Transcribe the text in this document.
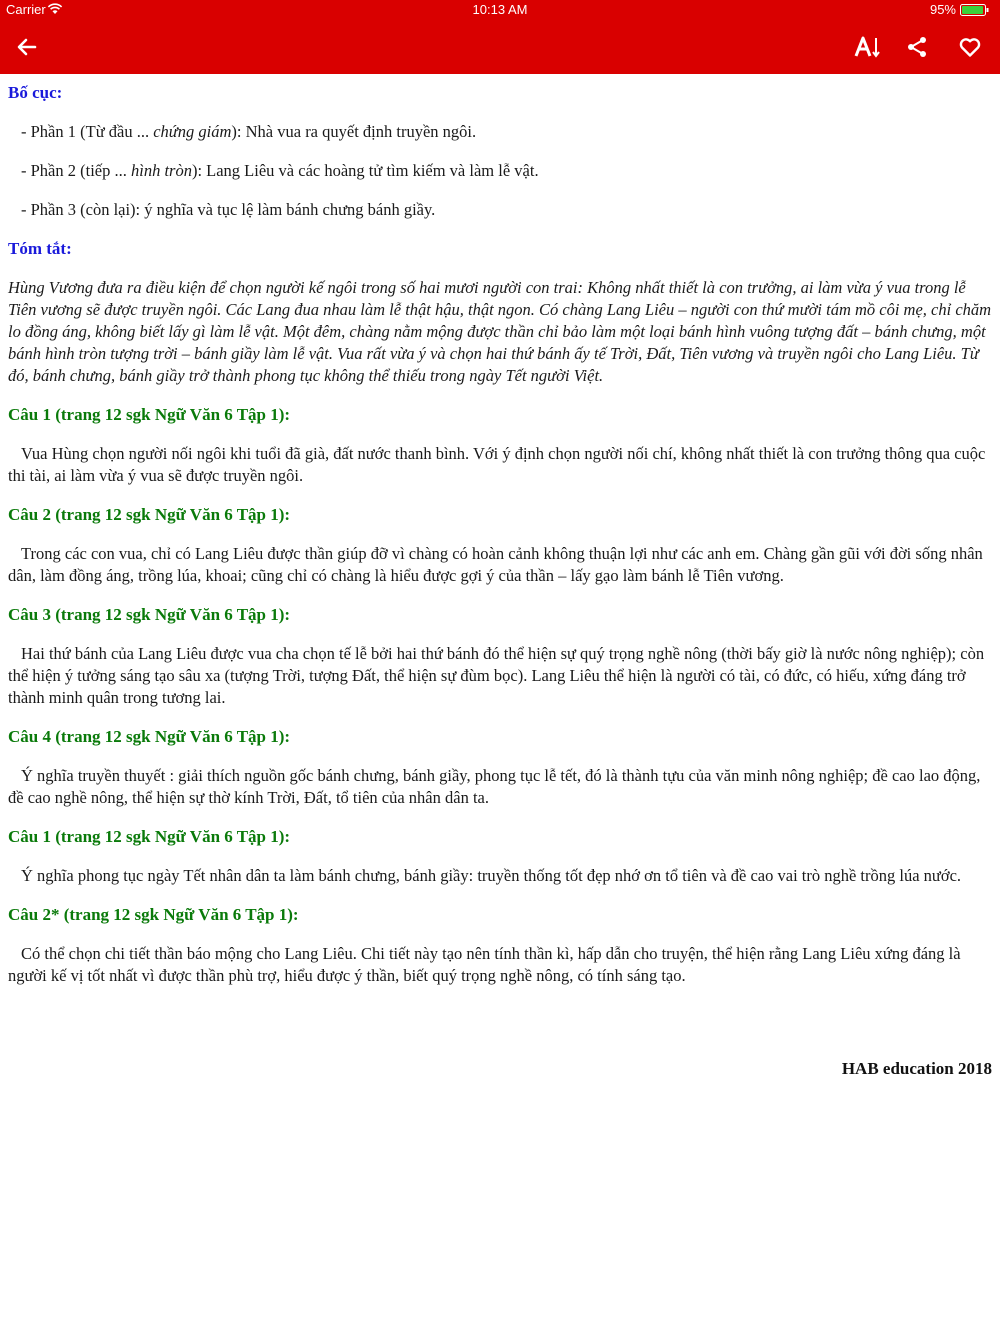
Carrier	10:13 AM	95%
Bố cục:

- Phần 1 (Từ đầu ... chứng giám): Nhà vua ra quyết định truyền ngôi.

- Phần 2 (tiếp ... hình tròn): Lang Liêu và các hoàng tử tìm kiếm và làm lễ vật.

- Phần 3 (còn lại): ý nghĩa và tục lệ làm bánh chưng bánh giầy.

Tóm tắt:

Hùng Vương đưa ra điều kiện để chọn người kế ngôi trong số hai mươi người con trai: Không nhất thiết là con trưởng, ai làm vừa ý vua trong lễ Tiên vương sẽ được truyền ngôi. Các Lang đua nhau làm lễ thật hậu, thật ngon. Có chàng Lang Liêu – người con thứ mười tám mồ côi mẹ, chỉ chăm lo đồng áng, không biết lấy gì làm lễ vật. Một đêm, chàng nằm mộng được thần chỉ bảo làm một loại bánh hình vuông tượng đất – bánh chưng, một bánh hình tròn tượng trời – bánh giầy làm lễ vật. Vua rất vừa ý và chọn hai thứ bánh ấy tế Trời, Đất, Tiên vương và truyền ngôi cho Lang Liêu. Từ đó, bánh chưng, bánh giầy trở thành phong tục không thể thiếu trong ngày Tết người Việt.

Câu 1 (trang 12 sgk Ngữ Văn 6 Tập 1):

Vua Hùng chọn người nối ngôi khi tuổi đã già, đất nước thanh bình. Với ý định chọn người nối chí, không nhất thiết là con trưởng thông qua cuộc thi tài, ai làm vừa ý vua sẽ được truyền ngôi.

Câu 2 (trang 12 sgk Ngữ Văn 6 Tập 1):

Trong các con vua, chỉ có Lang Liêu được thần giúp đỡ vì chàng có hoàn cảnh không thuận lợi như các anh em. Chàng gần gũi với đời sống nhân dân, làm đồng áng, trồng lúa, khoai; cũng chỉ có chàng là hiểu được gợi ý của thần – lấy gạo làm bánh lễ Tiên vương.

Câu 3 (trang 12 sgk Ngữ Văn 6 Tập 1):

Hai thứ bánh của Lang Liêu được vua cha chọn tế lễ bởi hai thứ bánh đó thể hiện sự quý trọng nghề nông (thời bấy giờ là nước nông nghiệp); còn thể hiện ý tưởng sáng tạo sâu xa (tượng Trời, tượng Đất, thể hiện sự đùm bọc). Lang Liêu thể hiện là người có tài, có đức, có hiếu, xứng đáng trở thành minh quân trong tương lai.

Câu 4 (trang 12 sgk Ngữ Văn 6 Tập 1):

Ý nghĩa truyền thuyết : giải thích nguồn gốc bánh chưng, bánh giầy, phong tục lễ tết, đó là thành tựu của văn minh nông nghiệp; đề cao lao động, đề cao nghề nông, thể hiện sự thờ kính Trời, Đất, tổ tiên của nhân dân ta.

Câu 1 (trang 12 sgk Ngữ Văn 6 Tập 1):

Ý nghĩa phong tục ngày Tết nhân dân ta làm bánh chưng, bánh giầy: truyền thống tốt đẹp nhớ ơn tổ tiên và đề cao vai trò nghề trồng lúa nước.

Câu 2* (trang 12 sgk Ngữ Văn 6 Tập 1):

Có thể chọn chi tiết thần báo mộng cho Lang Liêu. Chi tiết này tạo nên tính thần kì, hấp dẫn cho truyện, thể hiện rằng Lang Liêu xứng đáng là người kế vị tốt nhất vì được thần phù trợ, hiểu được ý thần, biết quý trọng nghề nông, có tính sáng tạo.

HAB education 2018
